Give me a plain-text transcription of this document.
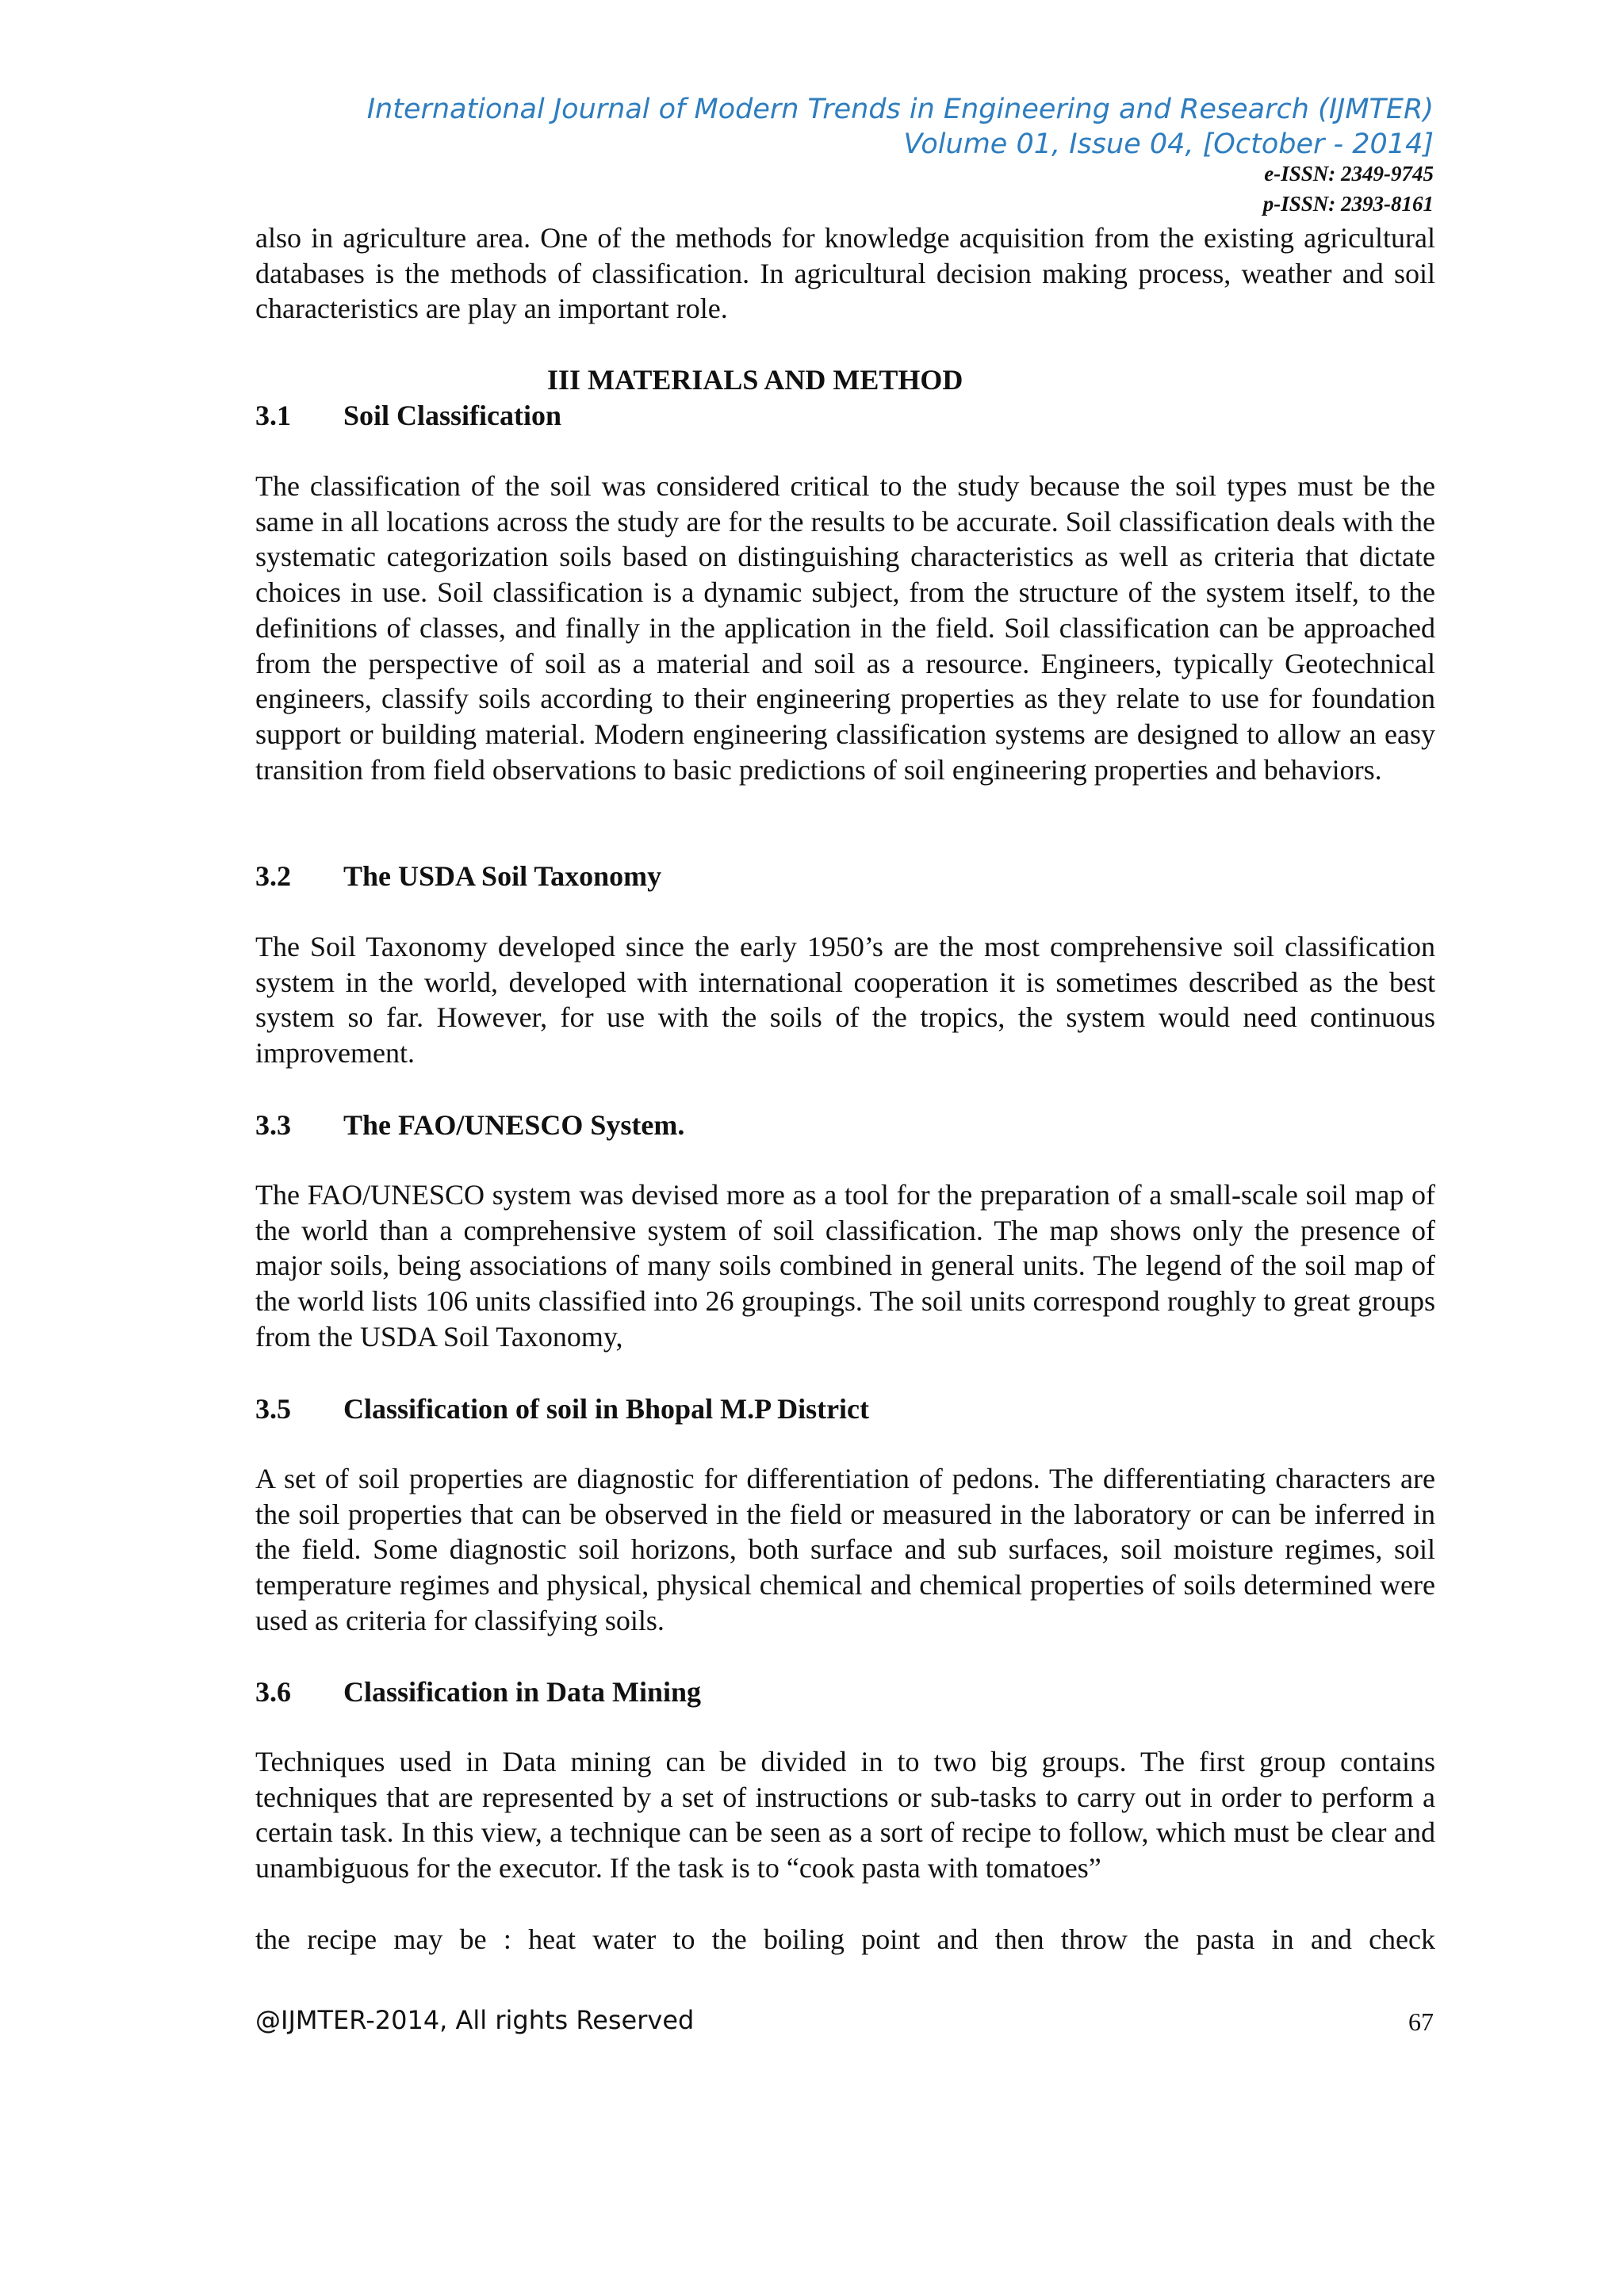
International Journal of Modern Trends in Engineering and Research (IJMTER)
Volume 01, Issue 04, [October - 2014]
e-ISSN: 2349-9745
p-ISSN: 2393-8161
also in agriculture area. One of the methods for knowledge acquisition from the existing agricultural databases is the methods of classification. In agricultural decision making process, weather and soil characteristics are play an important role.
III MATERIALS AND METHOD
3.1 Soil Classification
The classification of the soil was considered critical to the study because the soil types must be the same in all locations across the study are for the results to be accurate. Soil classification deals with the systematic categorization soils based on distinguishing characteristics as well as criteria that dictate choices in use. Soil classification is a dynamic subject, from the structure of the system itself, to the definitions of classes, and finally in the application in the field. Soil classification can be approached from the perspective of soil as a material and soil as a resource. Engineers, typically Geotechnical engineers, classify soils according to their engineering properties as they relate to use for foundation support or building material. Modern engineering classification systems are designed to allow an easy transition from field observations to basic predictions of soil engineering properties and behaviors.
3.2 The USDA Soil Taxonomy
The Soil Taxonomy developed since the early 1950’s are the most comprehensive soil classification system in the world, developed with international cooperation it is sometimes described as the best system so far. However, for use with the soils of the tropics, the system would need continuous improvement.
3.3 The FAO/UNESCO System.
The FAO/UNESCO system was devised more as a tool for the preparation of a small-scale soil map of the world than a comprehensive system of soil classification. The map shows only the presence of major soils, being associations of many soils combined in general units. The legend of the soil map of the world lists 106 units classified into 26 groupings. The soil units correspond roughly to great groups from the USDA Soil Taxonomy,
3.5 Classification of soil in Bhopal M.P District
A set of soil properties are diagnostic for differentiation of pedons. The differentiating characters are the soil properties that can be observed in the field or measured in the laboratory or can be inferred in the field. Some diagnostic soil horizons, both surface and sub surfaces, soil moisture regimes, soil temperature regimes and physical, physical chemical and chemical properties of soils determined were used as criteria for classifying soils.
3.6 Classification in Data Mining
Techniques used in Data mining can be divided in to two big groups. The first group contains techniques that are represented by a set of instructions or sub-tasks to carry out in order to perform a certain task. In this view, a technique can be seen as a sort of recipe to follow, which must be clear and unambiguous for the executor. If the task is to “cook pasta with tomatoes”
the recipe may be : heat water to the boiling point and then throw the pasta in and check
@IJMTER-2014, All rights Reserved	67
